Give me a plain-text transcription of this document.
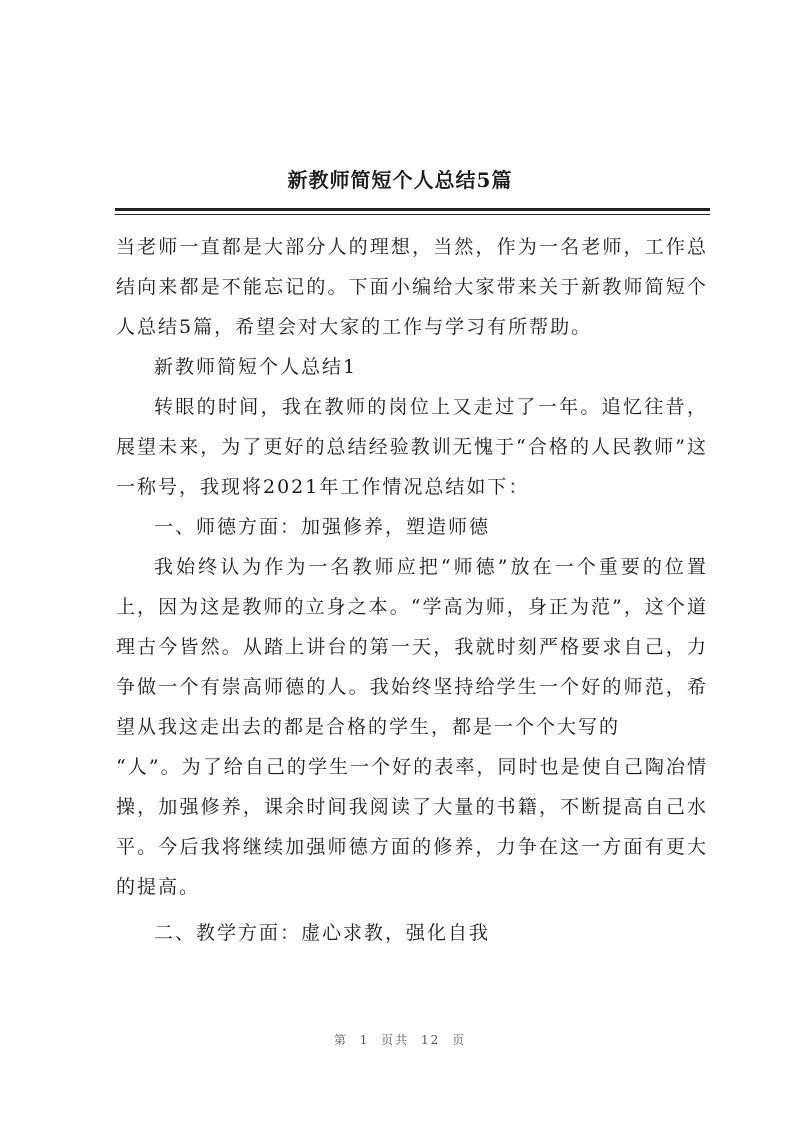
新教师简短个人总结5篇

当老师一直都是大部分人的理想，当然，作为一名老师，工作总结向来都是不能忘记的。下面小编给大家带来关于新教师简短个人总结5篇，希望会对大家的工作与学习有所帮助。

新教师简短个人总结1

转眼的时间，我在教师的岗位上又走过了一年。追忆往昔，展望未来，为了更好的总结经验教训无愧于“合格的人民教师”这一称号，我现将2021年工作情况总结如下：

一、师德方面：加强修养，塑造师德

我始终认为作为一名教师应把“师德”放在一个重要的位置上，因为这是教师的立身之本。“学高为师，身正为范”，这个道理古今皆然。从踏上讲台的第一天，我就时刻严格要求自己，力争做一个有崇高师德的人。我始终坚持给学生一个好的师范，希望从我这走出去的都是合格的学生，都是一个个大写的

“人”。为了给自己的学生一个好的表率，同时也是使自己陶冶情操，加强修养，课余时间我阅读了大量的书籍，不断提高自己水平。今后我将继续加强师德方面的修养，力争在这一方面有更大的提高。

二、教学方面：虚心求教，强化自我

第 1 页共 12 页
